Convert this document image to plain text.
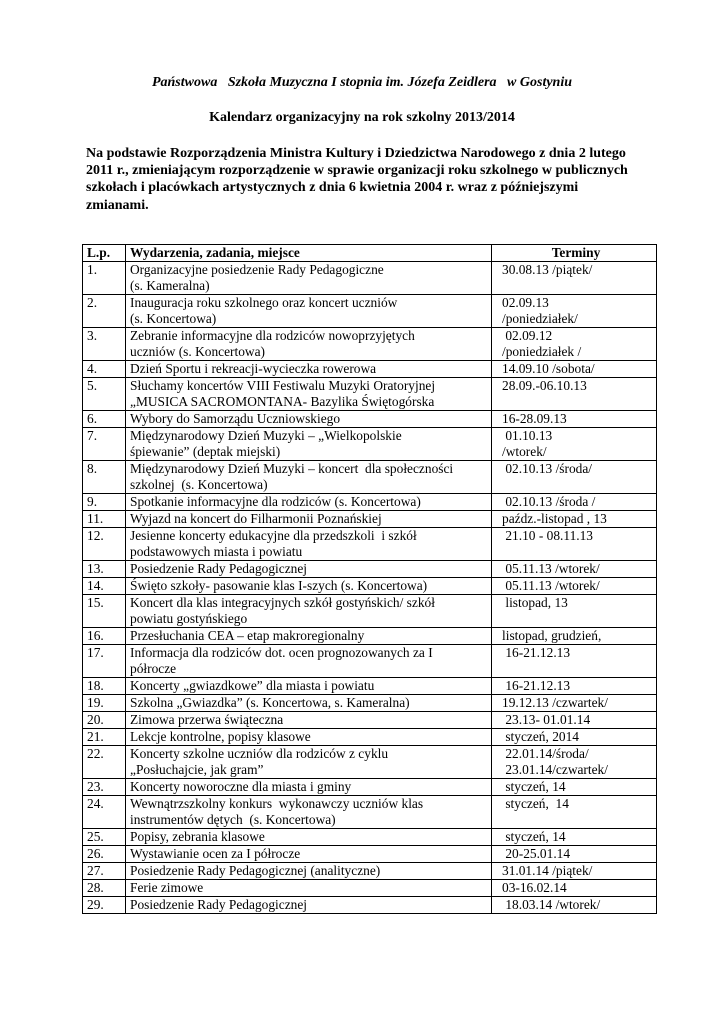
Państwowa   Szkoła Muzyczna I stopnia im. Józefa Zeidlera   w Gostyniu
Kalendarz organizacyjny na rok szkolny 2013/2014
Na podstawie Rozporządzenia Ministra Kultury i Dziedzictwa Narodowego z dnia 2 lutego
2011 r., zmieniającym rozporządzenie w sprawie organizacji roku szkolnego w publicznych
szkołach i placówkach artystycznych z dnia 6 kwietnia 2004 r. wraz z późniejszymi
zmianami.
L.p.	Wydarzenia, zadania, miejsce	Terminy
1.	Organizacyjne posiedzenie Rady Pedagogiczne
(s. Kameralna)	30.08.13 /piątek/

2.	Inauguracja roku szkolnego oraz koncert uczniów
(s. Koncertowa)	02.09.13
/poniedziałek/

3.	Zebranie informacyjne dla rodziców nowoprzyjętych
uczniów (s. Koncertowa)	02.09.12
/poniedziałek /

4.	Dzień Sportu i rekreacji-wycieczka rowerowa	14.09.10 /sobota/

5.	Słuchamy koncertów VIII Festiwalu Muzyki Oratoryjnej
„MUSICA SACROMONTANA- Bazylika Świętogórska	28.09.-06.10.13

6.	Wybory do Samorządu Uczniowskiego	16-28.09.13

7.	Międzynarodowy Dzień Muzyki – „Wielkopolskie
śpiewanie” (deptak miejski)	01.10.13
/wtorek/

8.	Międzynarodowy Dzień Muzyki – koncert  dla społeczności
szkolnej  (s. Koncertowa)	02.10.13 /środa/

9.	Spotkanie informacyjne dla rodziców (s. Koncertowa)	02.10.13 /środa /

11.	Wyjazd na koncert do Filharmonii Poznańskiej	paźdz.-listopad , 13

12.	Jesienne koncerty edukacyjne dla przedszkoli  i szkół
podstawowych miasta i powiatu	21.10 - 08.11.13

13.	Posiedzenie Rady Pedagogicznej	05.11.13 /wtorek/

14.	Święto szkoły- pasowanie klas I-szych (s. Koncertowa)	05.11.13 /wtorek/

15.	Koncert dla klas integracyjnych szkół gostyńskich/ szkół
powiatu gostyńskiego	listopad, 13

16.	Przesłuchania CEA – etap makroregionalny	listopad, grudzień,

17.	Informacja dla rodziców dot. ocen prognozowanych za I
półrocze	16-21.12.13

18.	Koncerty „gwiazdkowe” dla miasta i powiatu	16-21.12.13

19.	Szkolna „Gwiazdka” (s. Koncertowa, s. Kameralna)	19.12.13 /czwartek/

20.	Zimowa przerwa świąteczna	23.13- 01.01.14

21.	Lekcje kontrolne, popisy klasowe	styczeń, 2014

22.	Koncerty szkolne uczniów dla rodziców z cyklu
„Posłuchajcie, jak gram”	22.01.14/środa/
23.01.14/czwartek/

23.	Koncerty noworoczne dla miasta i gminy	styczeń, 14

24.	Wewnątrzszkolny konkurs  wykonawczy uczniów klas
instrumentów dętych  (s. Koncertowa)	styczeń,  14

25.	Popisy, zebrania klasowe	styczeń, 14

26.	Wystawianie ocen za I półrocze	20-25.01.14

27.	Posiedzenie Rady Pedagogicznej (analityczne)	31.01.14 /piątek/

28.	Ferie zimowe	03-16.02.14

29.	Posiedzenie Rady Pedagogicznej	18.03.14 /wtorek/
